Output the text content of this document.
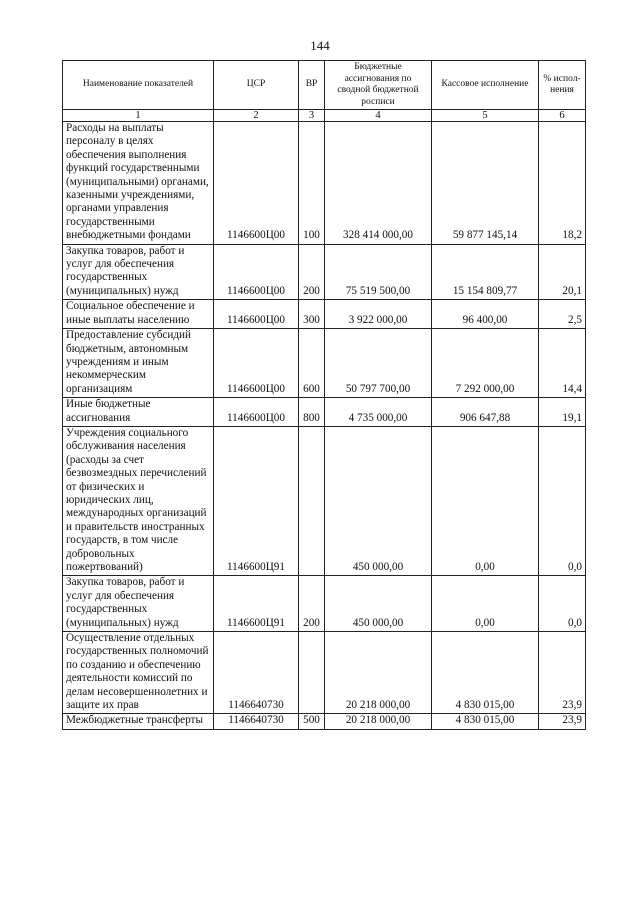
144
Наименование показателей	ЦСР	ВР	Бюджетные ассигнования по сводной бюджетной росписи	Кассовое исполнение	% испол-нения
1	2	3	4	5	6
Расходы на выплаты персоналу в целях обеспечения выполнения функций государственными (муниципальными) органами, казенными учреждениями, органами управления государственными внебюджетными фондами	1146600Ц00	100	328 414 000,00	59 877 145,14	18,2
Закупка товаров, работ и услуг для обеспечения государственных (муниципальных) нужд	1146600Ц00	200	75 519 500,00	15 154 809,77	20,1
Социальное обеспечение и иные выплаты населению	1146600Ц00	300	3 922 000,00	96 400,00	2,5
Предоставление субсидий бюджетным, автономным учреждениям и иным некоммерческим организациям	1146600Ц00	600	50 797 700,00	7 292 000,00	14,4
Иные бюджетные ассигнования	1146600Ц00	800	4 735 000,00	906 647,88	19,1
Учреждения социального обслуживания населения (расходы за счет безвозмездных перечислений от физических и юридических лиц, международных организаций и правительств иностранных государств, в том числе добровольных пожертвований)	1146600Ц91		450 000,00	0,00	0,0
Закупка товаров, работ и услуг для обеспечения государственных (муниципальных) нужд	1146600Ц91	200	450 000,00	0,00	0,0
Осуществление отдельных государственных полномочий по созданию и обеспечению деятельности комиссий по делам несовершеннолетних и защите их прав	1146640730		20 218 000,00	4 830 015,00	23,9
Межбюджетные трансферты	1146640730	500	20 218 000,00	4 830 015,00	23,9
